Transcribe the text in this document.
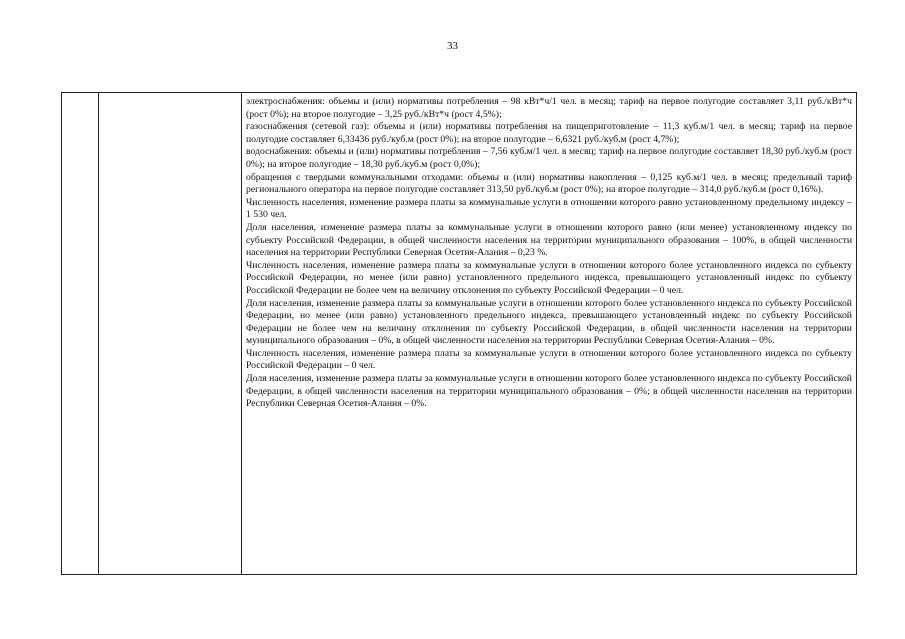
33

электроснабжения: объемы и (или) нормативы потребления – 98 кВт*ч/1 чел. в месяц; тариф на первое полугодие составляет 3,11 руб./кВт*ч (рост 0%); на второе полугодие – 3,25 руб./кВт*ч (рост 4,5%);

газоснабжения (сетевой газ): объемы и (или) нормативы потребления на пищеприготовление – 11,3 куб.м/1 чел. в месяц; тариф на первое полугодие составляет 6,33436 руб./куб.м (рост 0%); на второе полугодие – 6,6321 руб./куб.м (рост 4,7%);

водоснабжения: объемы и (или) нормативы потребления – 7,56 куб.м/1 чел. в месяц; тариф на первое полугодие составляет 18,30 руб./куб.м (рост 0%); на второе полугодие – 18,30 руб./куб.м (рост 0,0%);

обращения с твердыми коммунальными отходами: объемы и (или) нормативы накопления – 0,125 куб.м/1 чел. в месяц; предельный тариф регионального оператора на первое полугодие составляет 313,50 руб./куб.м (рост 0%); на второе полугодие – 314,0 руб./куб.м (рост 0,16%).

Численность населения, изменение размера платы за коммунальные услуги в отношении которого равно установленному предельному индексу – 1 530 чел.

Доля населения, изменение размера платы за коммунальные услуги в отношении которого равно (или менее) установленному индексу по субъекту Российской Федерации, в общей численности населения на территории муниципального образования – 100%, в общей численности населения на территории Республики Северная Осетия-Алания – 0,23 %.

Численность населения, изменение размера платы за коммунальные услуги в отношении которого более установленного индекса по субъекту Российской Федерации, но менее (или равно) установленного предельного индекса, превышающего установленный индекс по субъекту Российской Федерации не более чем на величину отклонения по субъекту Российской Федерации – 0 чел.

Доля населения, изменение размера платы за коммунальные услуги в отношении которого более установленного индекса по субъекту Российской Федерации, но менее (или равно) установленного предельного индекса, превышающего установленный индекс по субъекту Российской Федерации не более чем на величину отклонения по субъекту Российской Федерации, в общей численности населения на территории муниципального образования – 0%, в общей численности населения на территории Республики Северная Осетия-Алания – 0%.

Численность населения, изменение размера платы за коммунальные услуги в отношении которого более установленного индекса по субъекту Российской Федерации – 0 чел.

Доля населения, изменение размера платы за коммунальные услуги в отношении которого более установленного индекса по субъекту Российской Федерации, в общей численности населения на территории муниципального образования – 0%; в общей численности населения на территории Республики Северная Осетия-Алания – 0%.
